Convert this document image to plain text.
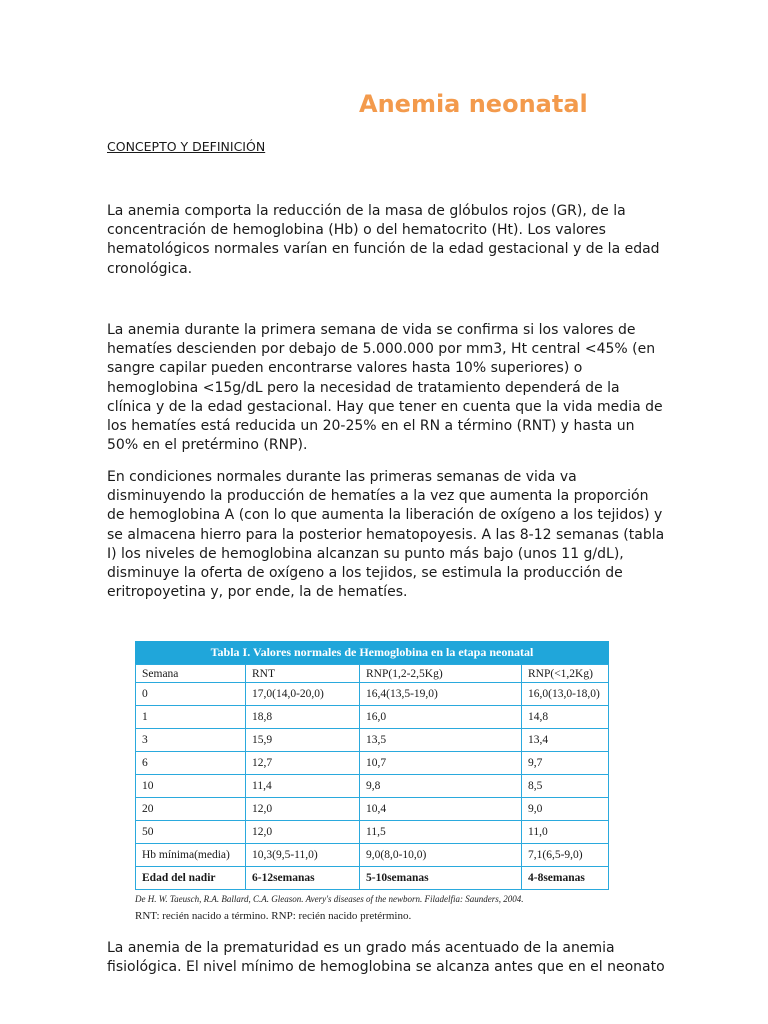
Anemia neonatal

CONCEPTO Y DEFINICIÓN

La anemia comporta la reducción de la masa de glóbulos rojos (GR), de la concentración de hemoglobina (Hb) o del hematocrito (Ht). Los valores hematológicos normales varían en función de la edad gestacional y de la edad cronológica.

La anemia durante la primera semana de vida se confirma si los valores de hematíes descienden por debajo de 5.000.000 por mm3, Ht central <45% (en sangre capilar pueden encontrarse valores hasta 10% superiores) o hemoglobina <15g/dL pero la necesidad de tratamiento dependerá de la clínica y de la edad gestacional. Hay que tener en cuenta que la vida media de los hematíes está reducida un 20-25% en el RN a término (RNT) y hasta un 50% en el pretérmino (RNP).

En condiciones normales durante las primeras semanas de vida va disminuyendo la producción de hematíes a la vez que aumenta la proporción de hemoglobina A (con lo que aumenta la liberación de oxígeno a los tejidos) y se almacena hierro para la posterior hematopoyesis. A las 8-12 semanas (tabla I) los niveles de hemoglobina alcanzan su punto más bajo (unos 11 g/dL), disminuye la oferta de oxígeno a los tejidos, se estimula la producción de eritropoyetina y, por ende, la de hematíes.

Tabla I. Valores normales de Hemoglobina en la etapa neonatal
Semana	RNT	RNP(1,2-2,5Kg)	RNP(<1,2Kg)
0	17,0(14,0-20,0)	16,4(13,5-19,0)	16,0(13,0-18,0)
1	18,8	16,0	14,8
3	15,9	13,5	13,4
6	12,7	10,7	9,7
10	11,4	9,8	8,5
20	12,0	10,4	9,0
50	12,0	11,5	11,0
Hb mínima(media)	10,3(9,5-11,0)	9,0(8,0-10,0)	7,1(6,5-9,0)
Edad del nadir	6-12semanas	5-10semanas	4-8semanas
De H. W. Taeusch, R.A. Ballard, C.A. Gleason. Avery's diseases of the newborn. Filadelfia: Saunders, 2004.
RNT: recién nacido a término. RNP: recién nacido pretérmino.

La anemia de la prematuridad es un grado más acentuado de la anemia fisiológica. El nivel mínimo de hemoglobina se alcanza antes que en el neonato
